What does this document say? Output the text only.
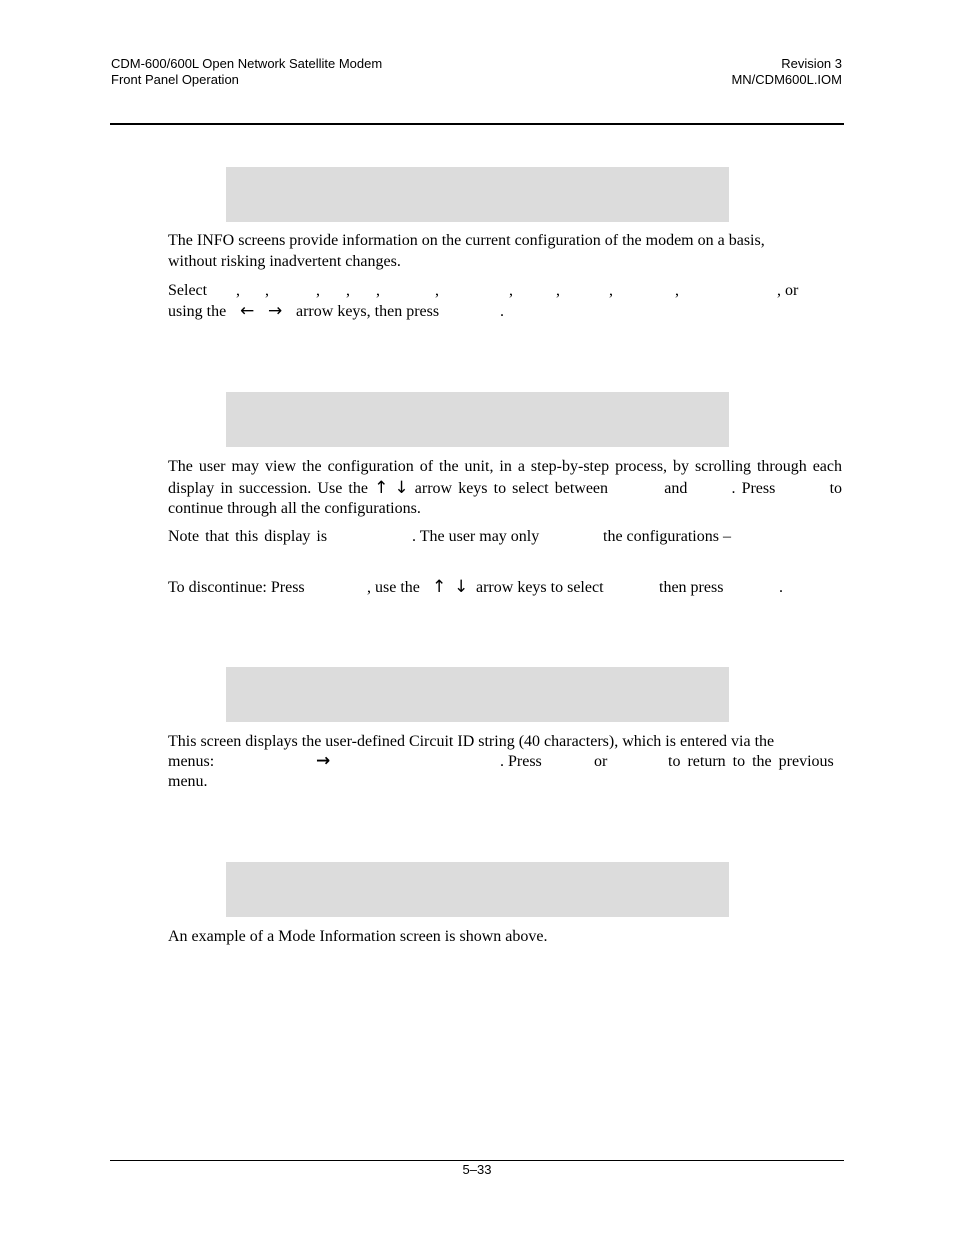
CDM-600/600L Open Network Satellite Modem
Front Panel Operation
Revision 3
MN/CDM600L.IOM
The INFO screens provide information on the current configuration of the modem on a basis, without risking inadvertent changes.
Select , ,	, , ,	,	,	,	,	,	, or
using the ← → arrow keys, then press	.
The user may view the configuration of the unit, in a step-by-step process, by scrolling through each display in succession. Use the ↑ ↓ arrow keys to select between	and	. Press	to continue through all the configurations.
Note that this display is	. The user may only	the configurations –
To discontinue: Press	, use the ↑ ↓ arrow keys to select	then press	.
This screen displays the user-defined Circuit ID string (40 characters), which is entered via the
menus:	→	. Press	or	to return to the previous
menu.
An example of a Mode Information screen is shown above.
5–33
